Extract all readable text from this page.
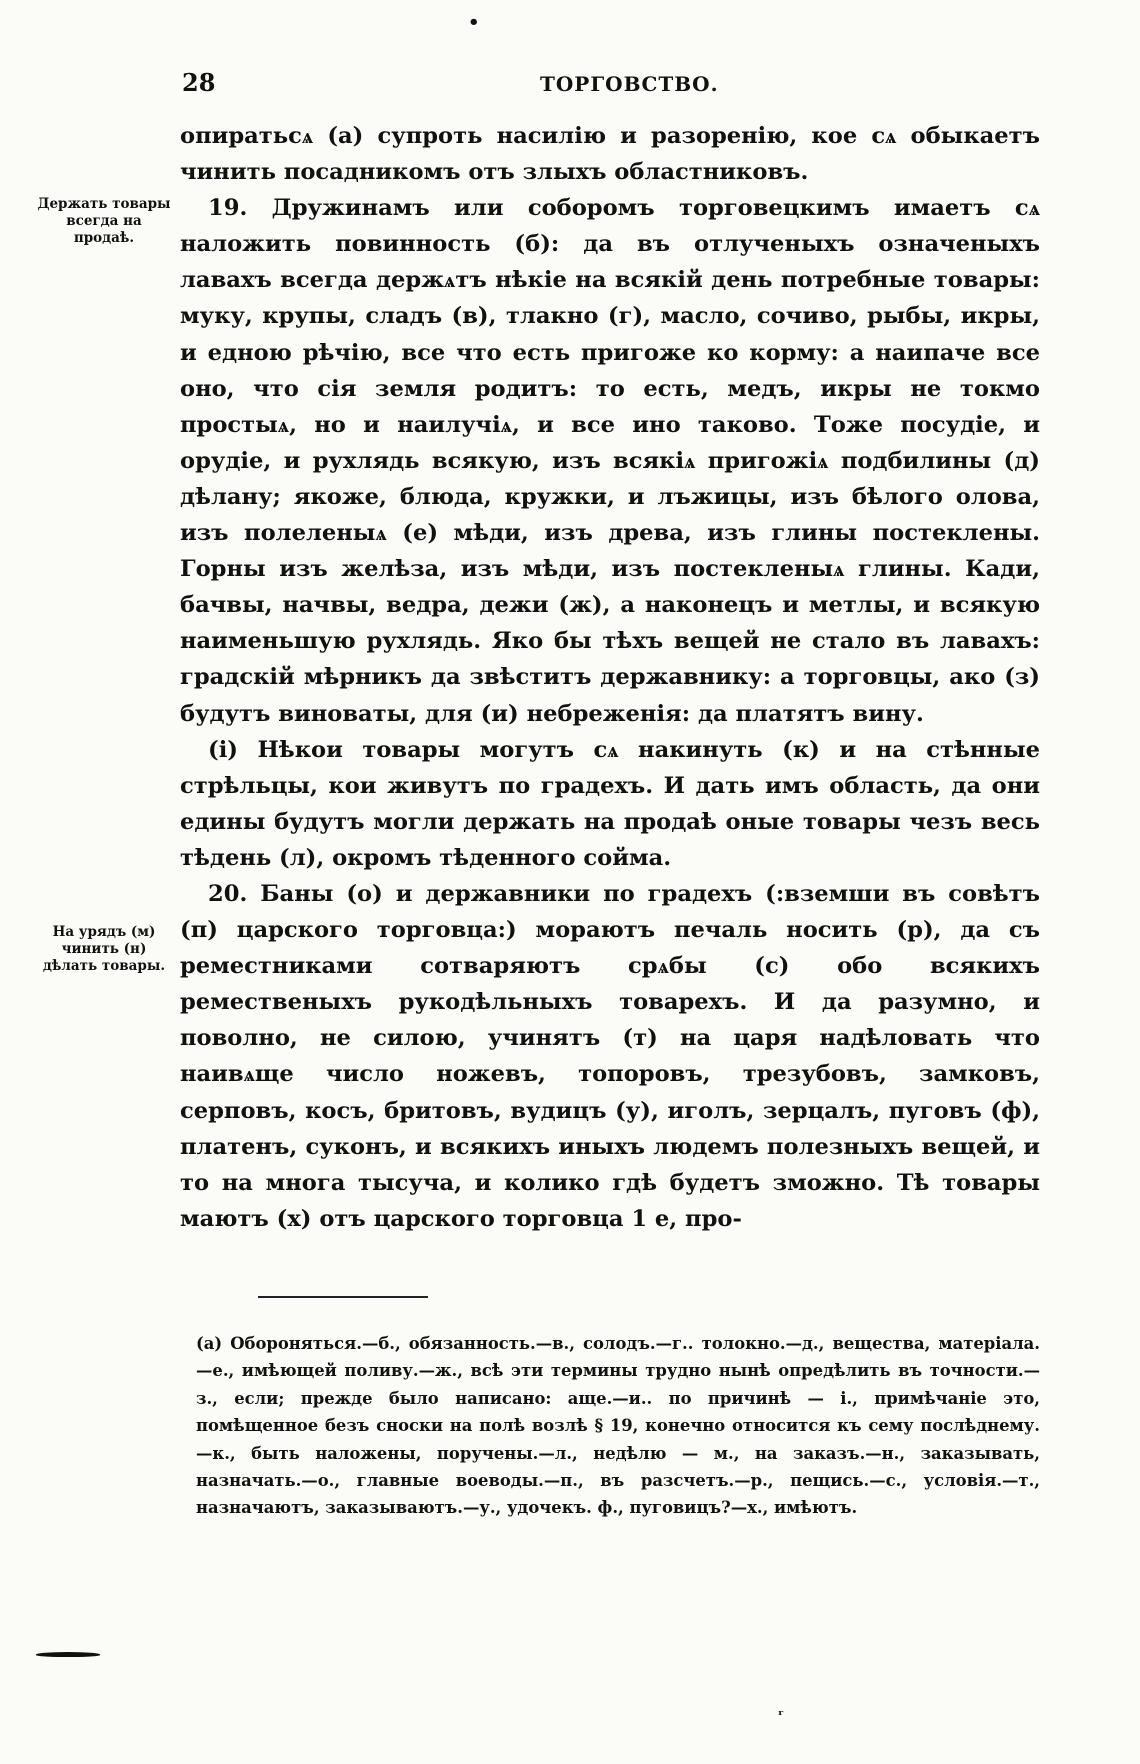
•
28	ТОРГОВСТВО.
Держать товары всегда на продаѣ.
На урядъ (м) чинить (н) дѣлать товары.

опиратьсѧ (а) супроть насилію и разоренію, кое сѧ обыкаетъ чинить посадникомъ отъ злыхъ областниковъ.

19. Дружинамъ или соборомъ торговецкимъ имаетъ сѧ наложить повинность (б): да въ отлученыхъ означеныхъ лавахъ всегда держѧтъ нѣкіе на всякій день потребные товары: муку, крупы, сладъ (в), тлакно (г), масло, сочиво, рыбы, икры, и едною рѣчію, все что есть пригоже ко корму: а наипаче все оно, что сія земля родитъ: то есть, медъ, икры не токмо простыѧ, но и наилучіѧ, и все ино таково. Тоже посудіе, и орудіе, и рухлядь всякую, изъ всякіѧ пригожіѧ подбилины (д) дѣлану; якоже, блюда, кружки, и лъжицы, изъ бѣлого олова, изъ полеленыѧ (е) мѣди, изъ древа, изъ глины постеклены. Горны изъ желѣза, изъ мѣди, изъ постекленыѧ глины. Кади, бачвы, начвы, ведра, дежи (ж), а наконецъ и метлы, и всякую наименьшую рухлядь. Яко бы тѣхъ вещей не стало въ лавахъ: градскій мѣрникъ да звѣститъ державнику: а торговцы, ако (з) будутъ виноваты, для (и) небреженія: да платятъ вину.

(і) Нѣкои товары могутъ сѧ накинуть (к) и на стѣнные стрѣльцы, кои живутъ по градехъ. И дать имъ область, да они едины будутъ могли держать на продаѣ оные товары чезъ весь тѣдень (л), окромъ тѣденного сойма.

20. Баны (о) и державники по градехъ (:вземши въ совѣтъ (п) царского торговца:) мораютъ печаль носить (р), да съ реместниками сотваряютъ срѧбы (с) обо всякихъ ремественыхъ рукодѣльныхъ товарехъ. И да разумно, и поволно, не силою, учинятъ (т) на царя надѣловать что наивѧще число ножевъ, топоровъ, трезубовъ, замковъ, серповъ, косъ, бритовъ, вудицъ (у), иголъ, зерцалъ, пуговъ (ф), платенъ, суконъ, и всякихъ иныхъ людемъ полезныхъ вещей, и то на многа тысуча, и колико гдѣ будетъ зможно. Тѣ товары маютъ (х) отъ царского торговца 1 е, про-

(а) Обороняться.—б., обязанность.—в., солодъ.—г.. толокно.—д., вещества, матеріала.—е., имѣющей поливу.—ж., всѣ эти термины трудно нынѣ опредѣлить въ точности.—з., если; прежде было написано: аще.—и.. по причинѣ — і., примѣчаніе это, помѣщенное безъ сноски на полѣ возлѣ § 19, конечно относится къ сему послѣднему.—к., быть наложены, поручены.—л., недѣлю — м., на заказъ.—н., заказывать, назначать.—о., главные воеводы.—п., въ разсчетъ.—р., пещись.—с., условія.—т., назначаютъ, заказываютъ.—у., удочекъ. ф., пуговицъ?—х., имѣютъ.

ʳ
